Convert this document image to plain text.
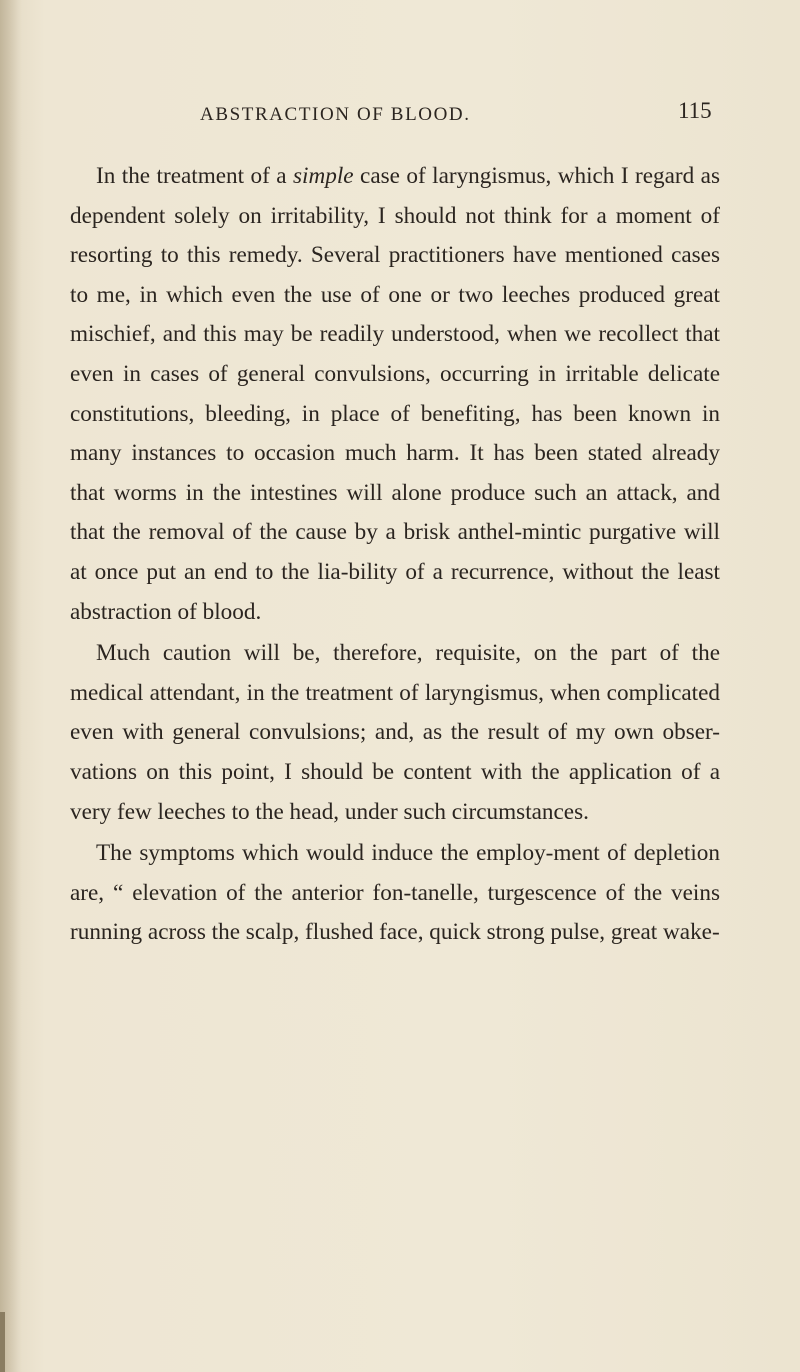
ABSTRACTION OF BLOOD.	115

In the treatment of a simple case of laryngismus, which I regard as dependent solely on irritability, I should not think for a moment of resorting to this remedy. Several practitioners have mentioned cases to me, in which even the use of one or two leeches produced great mischief, and this may be readily understood, when we recollect that even in cases of general convulsions, occurring in irritable delicate constitutions, bleeding, in place of benefiting, has been known in many instances to occasion much harm. It has been stated already that worms in the intestines will alone produce such an attack, and that the removal of the cause by a brisk anthel-mintic purgative will at once put an end to the lia-bility of a recurrence, without the least abstraction of blood.

Much caution will be, therefore, requisite, on the part of the medical attendant, in the treatment of laryngismus, when complicated even with general convulsions; and, as the result of my own obser-vations on this point, I should be content with the application of a very few leeches to the head, under such circumstances.

The symptoms which would induce the employ-ment of depletion are, “ elevation of the anterior fon-tanelle, turgescence of the veins running across the scalp, flushed face, quick strong pulse, great wake-
